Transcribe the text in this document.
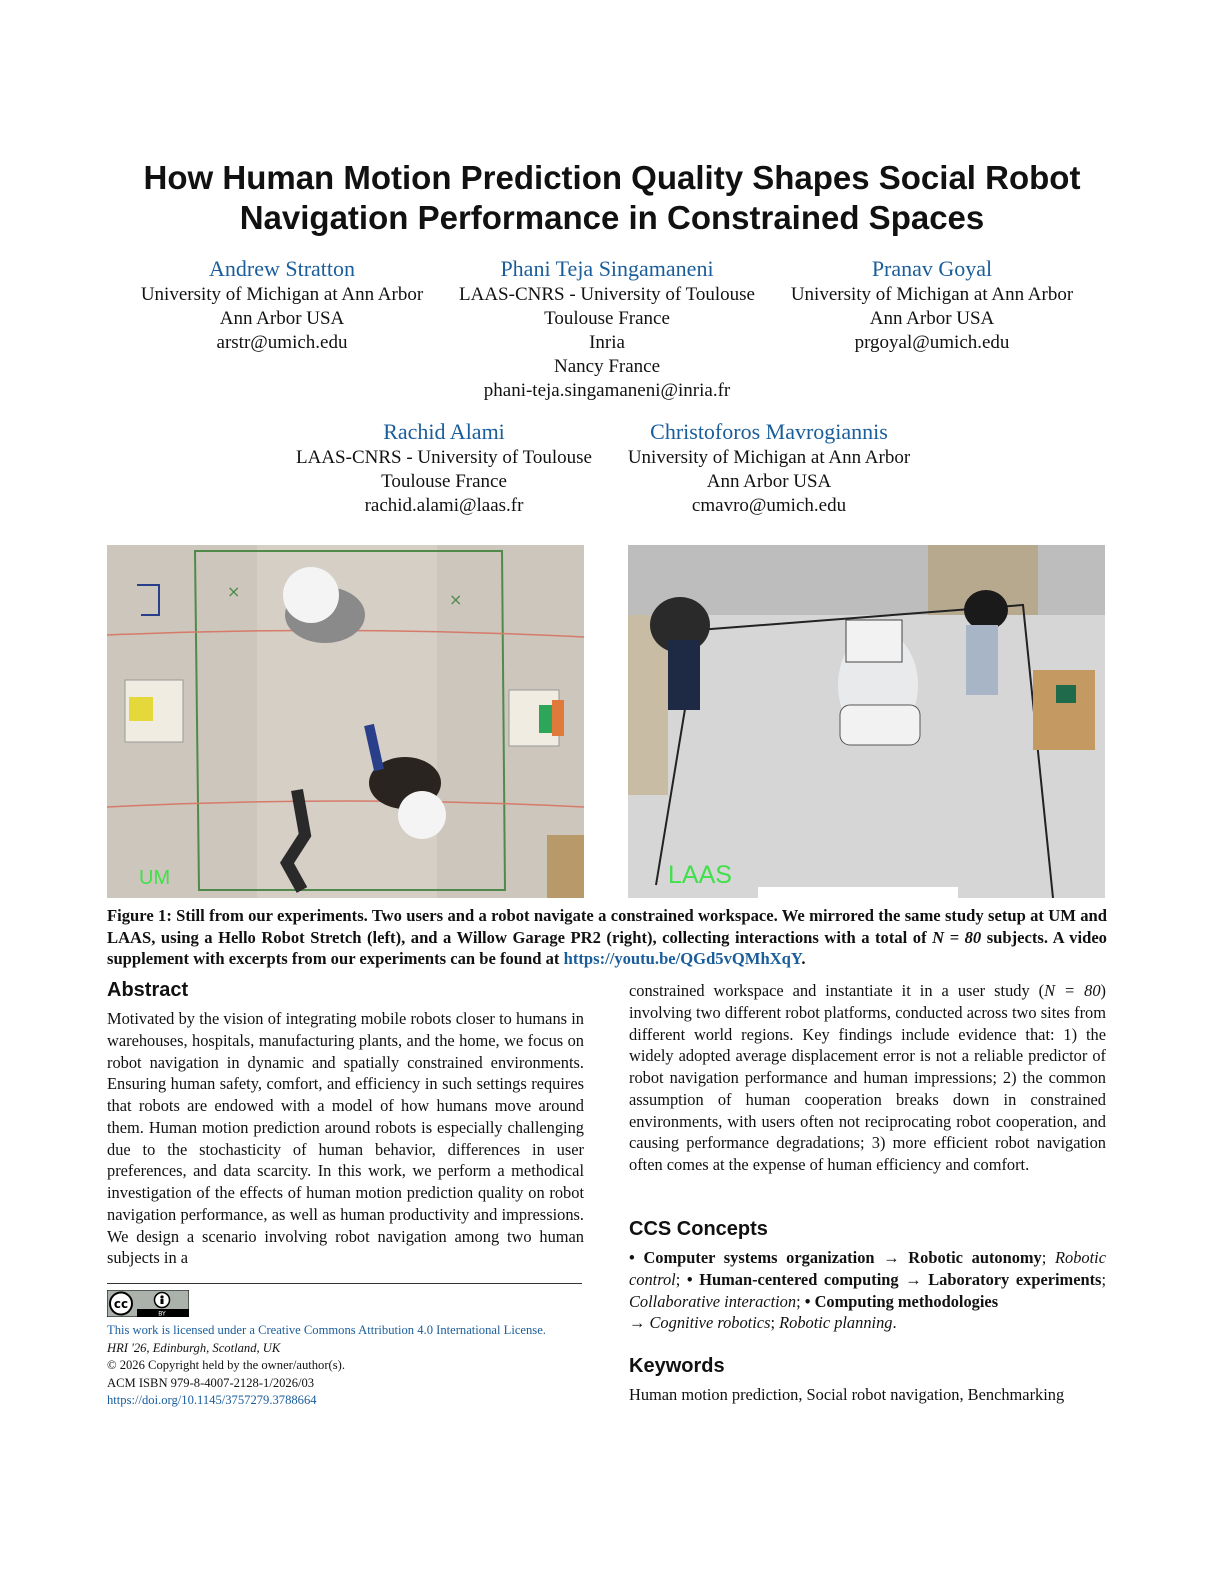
How Human Motion Prediction Quality Shapes Social Robot Navigation Performance in Constrained Spaces
Andrew Stratton
University of Michigan at Ann Arbor
Ann Arbor USA
arstr@umich.edu
Phani Teja Singamaneni
LAAS-CNRS - University of Toulouse
Toulouse France
Inria
Nancy France
phani-teja.singamaneni@inria.fr
Pranav Goyal
University of Michigan at Ann Arbor
Ann Arbor USA
prgoyal@umich.edu
Rachid Alami
LAAS-CNRS - University of Toulouse
Toulouse France
rachid.alami@laas.fr
Christoforos Mavrogiannis
University of Michigan at Ann Arbor
Ann Arbor USA
cmavro@umich.edu
×	×
UM	LAAS

Figure 1: Still from our experiments. Two users and a robot navigate a constrained workspace. We mirrored the same study setup at UM and LAAS, using a Hello Robot Stretch (left), and a Willow Garage PR2 (right), collecting interactions with a total of N = 80 subjects. A video supplement with excerpts from our experiments can be found at https://youtu.be/QGd5vQMhXqY.

Abstract

Motivated by the vision of integrating mobile robots closer to humans in warehouses, hospitals, manufacturing plants, and the home, we focus on robot navigation in dynamic and spatially constrained environments. Ensuring human safety, comfort, and efficiency in such settings requires that robots are endowed with a model of how humans move around them. Human motion prediction around robots is especially challenging due to the stochasticity of human behavior, differences in user preferences, and data scarcity. In this work, we perform a methodical investigation of the effects of human motion prediction quality on robot navigation performance, as well as human productivity and impressions. We design a scenario involving robot navigation among two human subjects in a

constrained workspace and instantiate it in a user study (N = 80) involving two different robot platforms, conducted across two sites from different world regions. Key findings include evidence that: 1) the widely adopted average displacement error is not a reliable predictor of robot navigation performance and human impressions; 2) the common assumption of human cooperation breaks down in constrained environments, with users often not reciprocating robot cooperation, and causing performance degradations; 3) more efficient robot navigation often comes at the expense of human efficiency and comfort.

cc
BY
This work is licensed under a Creative Commons Attribution 4.0 International License.
HRI '26, Edinburgh, Scotland, UK
© 2026 Copyright held by the owner/author(s).
ACM ISBN 979-8-4007-2128-1/2026/03
https://doi.org/10.1145/3757279.3788664
CCS Concepts
• Computer systems organization → Robotic autonomy; Robotic control; • Human-centered computing → Laboratory experiments; Collaborative interaction; • Computing methodologies
→ Cognitive robotics; Robotic planning.
Keywords
Human motion prediction, Social robot navigation, Benchmarking
